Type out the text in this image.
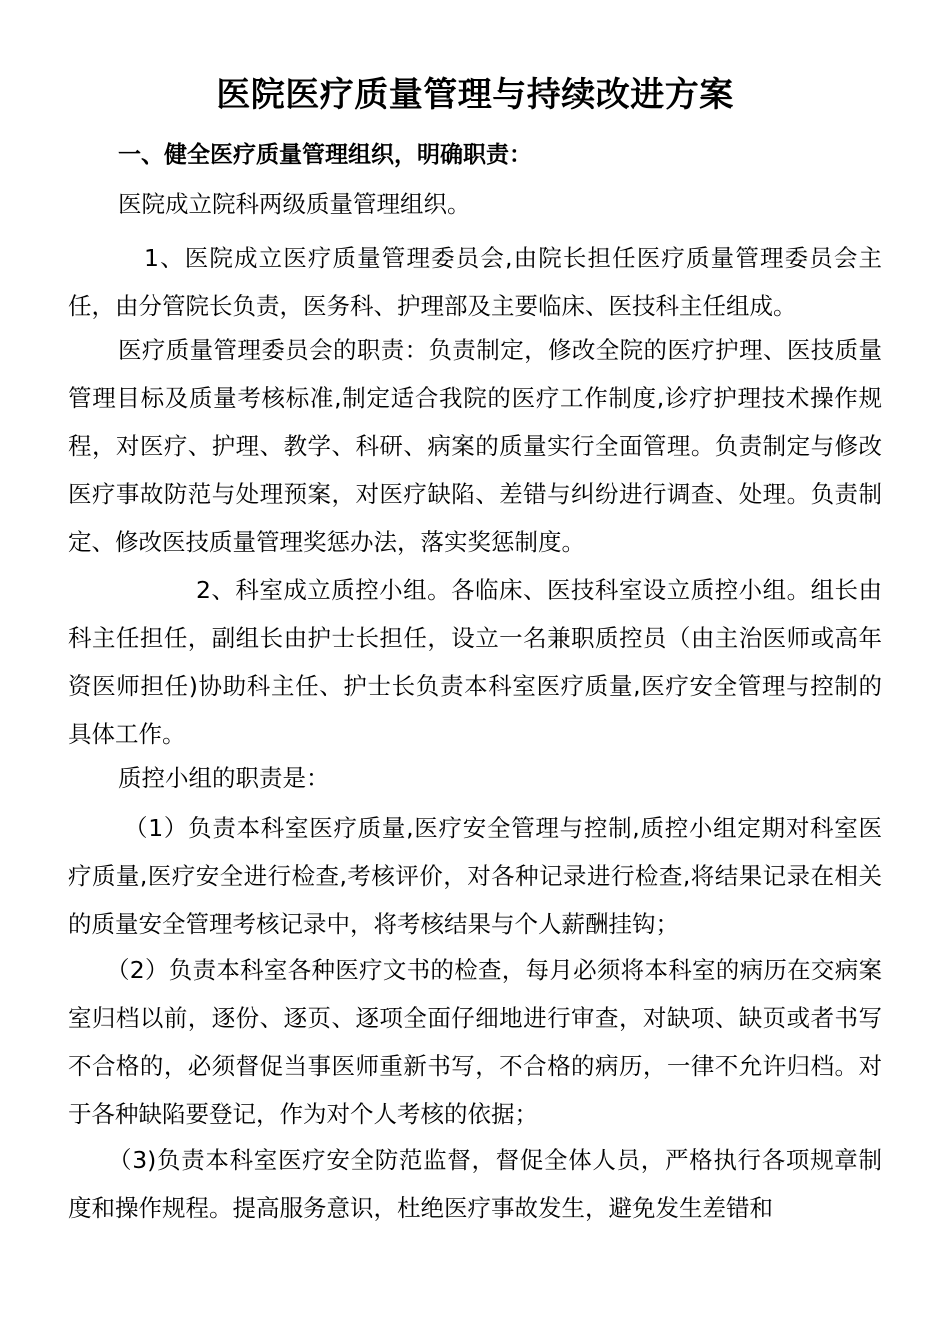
医院医疗质量管理与持续改进方案
一、健全医疗质量管理组织，明确职责：
医院成立院科两级质量管理组织。
1、医院成立医疗质量管理委员会,由院长担任医疗质量管理委员会主任，由分管院长负责，医务科、护理部及主要临床、医技科主任组成。
医疗质量管理委员会的职责：负责制定，修改全院的医疗护理、医技质量管理目标及质量考核标准,制定适合我院的医疗工作制度,诊疗护理技术操作规程，对医疗、护理、教学、科研、病案的质量实行全面管理。负责制定与修改医疗事故防范与处理预案，对医疗缺陷、差错与纠纷进行调查、处理。负责制定、修改医技质量管理奖惩办法，落实奖惩制度。
2、科室成立质控小组。各临床、医技科室设立质控小组。组长由科主任担任，副组长由护士长担任，设立一名兼职质控员（由主治医师或高年资医师担任)协助科主任、护士长负责本科室医疗质量,医疗安全管理与控制的具体工作。
质控小组的职责是：
（1）负责本科室医疗质量,医疗安全管理与控制,质控小组定期对科室医疗质量,医疗安全进行检查,考核评价，对各种记录进行检查,将结果记录在相关的质量安全管理考核记录中，将考核结果与个人薪酬挂钩；
（2）负责本科室各种医疗文书的检查，每月必须将本科室的病历在交病案室归档以前，逐份、逐页、逐项全面仔细地进行审查，对缺项、缺页或者书写不合格的，必须督促当事医师重新书写，不合格的病历，一律不允许归档。对于各种缺陷要登记，作为对个人考核的依据；
（3)负责本科室医疗安全防范监督，督促全体人员，严格执行各项规章制度和操作规程。提高服务意识，杜绝医疗事故发生，避免发生差错和
